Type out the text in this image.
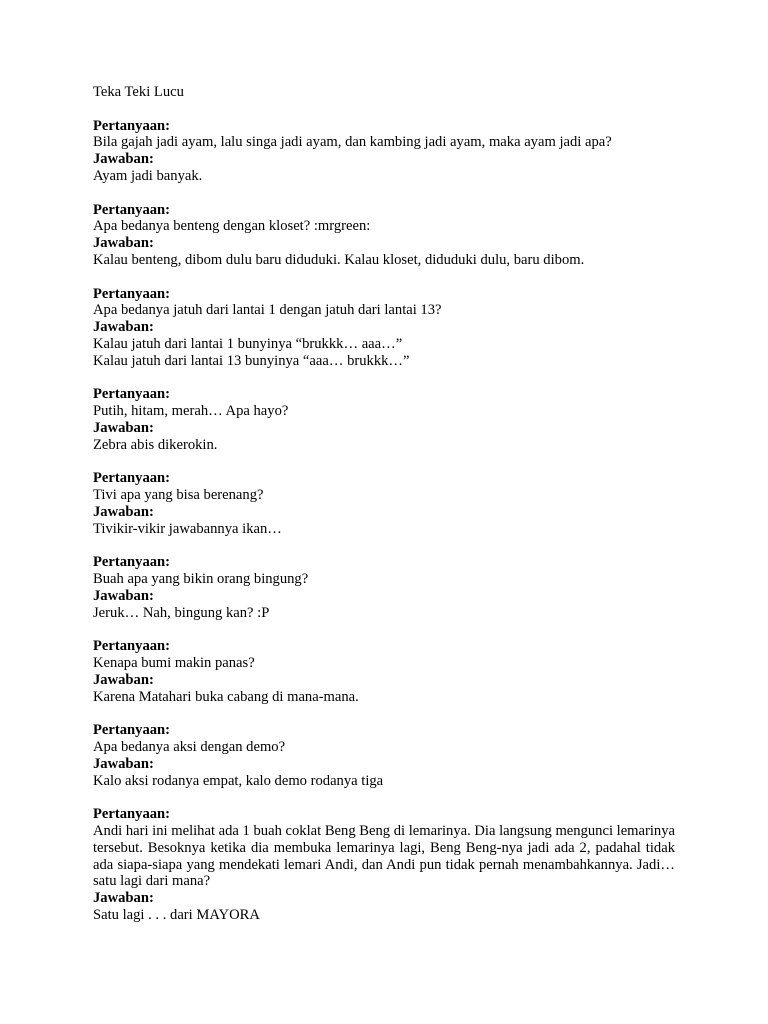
Teka Teki Lucu
Pertanyaan:
Bila gajah jadi ayam, lalu singa jadi ayam, dan kambing jadi ayam, maka ayam jadi apa?
Jawaban:
Ayam jadi banyak.
Pertanyaan:
Apa bedanya benteng dengan kloset? :mrgreen:
Jawaban:
Kalau benteng, dibom dulu baru diduduki. Kalau kloset, diduduki dulu, baru dibom.
Pertanyaan:
Apa bedanya jatuh dari lantai 1 dengan jatuh dari lantai 13?
Jawaban:
Kalau jatuh dari lantai 1 bunyinya “brukkk… aaa…”
Kalau jatuh dari lantai 13 bunyinya “aaa… brukkk…”
Pertanyaan:
Putih, hitam, merah… Apa hayo?
Jawaban:
Zebra abis dikerokin.
Pertanyaan:
Tivi apa yang bisa berenang?
Jawaban:
Tivikir-vikir jawabannya ikan…
Pertanyaan:
Buah apa yang bikin orang bingung?
Jawaban:
Jeruk… Nah, bingung kan? :P
Pertanyaan:
Kenapa bumi makin panas?
Jawaban:
Karena Matahari buka cabang di mana-mana.
Pertanyaan:
Apa bedanya aksi dengan demo?
Jawaban:
Kalo aksi rodanya empat, kalo demo rodanya tiga
Pertanyaan:
Andi hari ini melihat ada 1 buah coklat Beng Beng di lemarinya. Dia langsung mengunci lemarinya tersebut. Besoknya ketika dia membuka lemarinya lagi, Beng Beng-nya jadi ada 2, padahal tidak ada siapa-siapa yang mendekati lemari Andi, dan Andi pun tidak pernah menambahkannya. Jadi… satu lagi dari mana?
Jawaban:
Satu lagi . . . dari MAYORA
